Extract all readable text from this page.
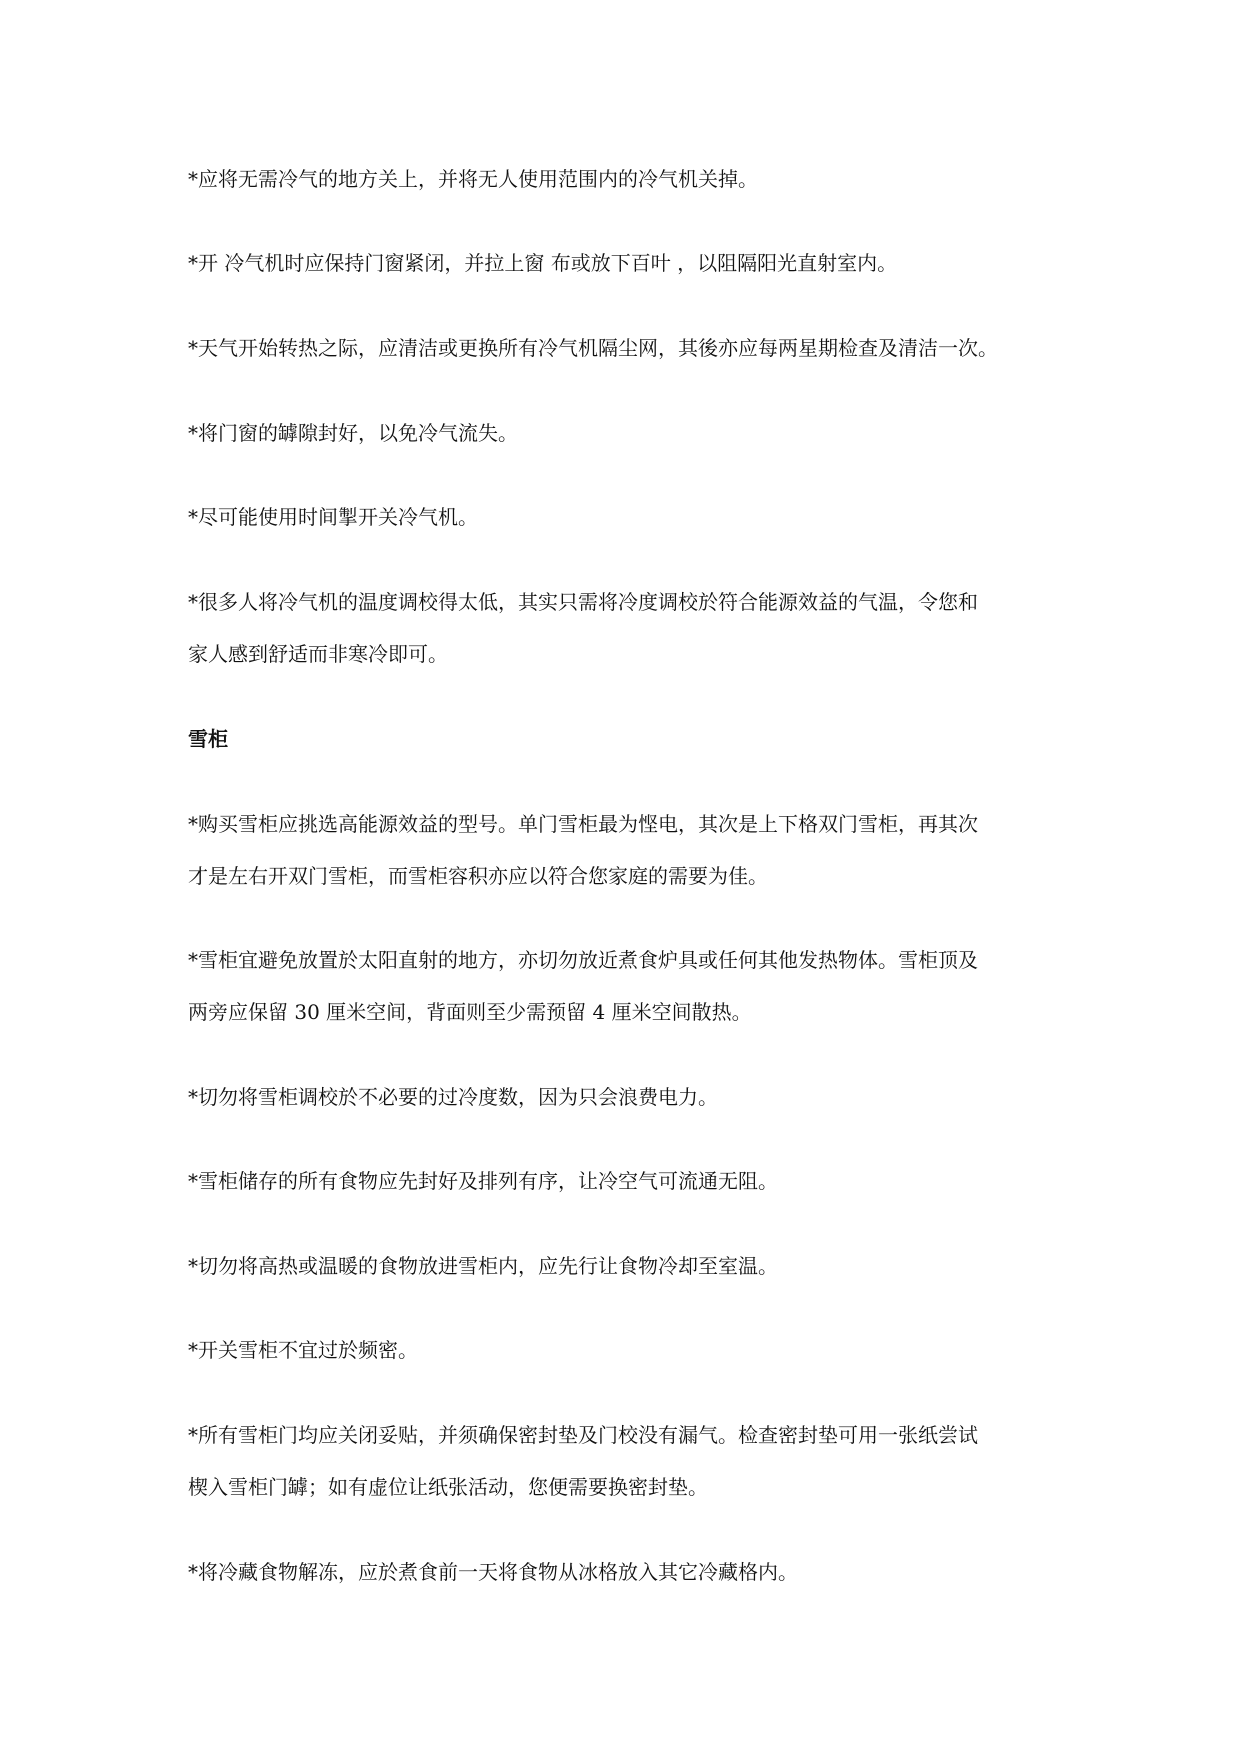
*应将无需冷气的地方关上，并将无人使用范围内的冷气机关掉。
*开 冷气机时应保持门窗紧闭，并拉上窗 布或放下百叶 ，以阻隔阳光直射室内。
*天气开始转热之际，应清洁或更换所有冷气机隔尘网，其後亦应每两星期检查及清洁一次。
*将门窗的罅隙封好，以免冷气流失。
*尽可能使用时间掣开关冷气机。
*很多人将冷气机的温度调校得太低，其实只需将冷度调校於符合能源效益的气温，令您和
家人感到舒适而非寒冷即可。
雪柜
*购买雪柜应挑选高能源效益的型号。单门雪柜最为悭电，其次是上下格双门雪柜，再其次
才是左右开双门雪柜，而雪柜容积亦应以符合您家庭的需要为佳。
*雪柜宜避免放置於太阳直射的地方，亦切勿放近煮食炉具或任何其他发热物体。雪柜顶及
两旁应保留 30 厘米空间，背面则至少需预留 4 厘米空间散热。
*切勿将雪柜调校於不必要的过冷度数，因为只会浪费电力。
*雪柜储存的所有食物应先封好及排列有序，让冷空气可流通无阻。
*切勿将高热或温暖的食物放进雪柜内，应先行让食物冷却至室温。
*开关雪柜不宜过於频密。
*所有雪柜门均应关闭妥贴，并须确保密封垫及门校没有漏气。检查密封垫可用一张纸尝试
楔入雪柜门罅；如有虚位让纸张活动，您便需要换密封垫。
*将冷藏食物解冻，应於煮食前一天将食物从冰格放入其它冷藏格内。
